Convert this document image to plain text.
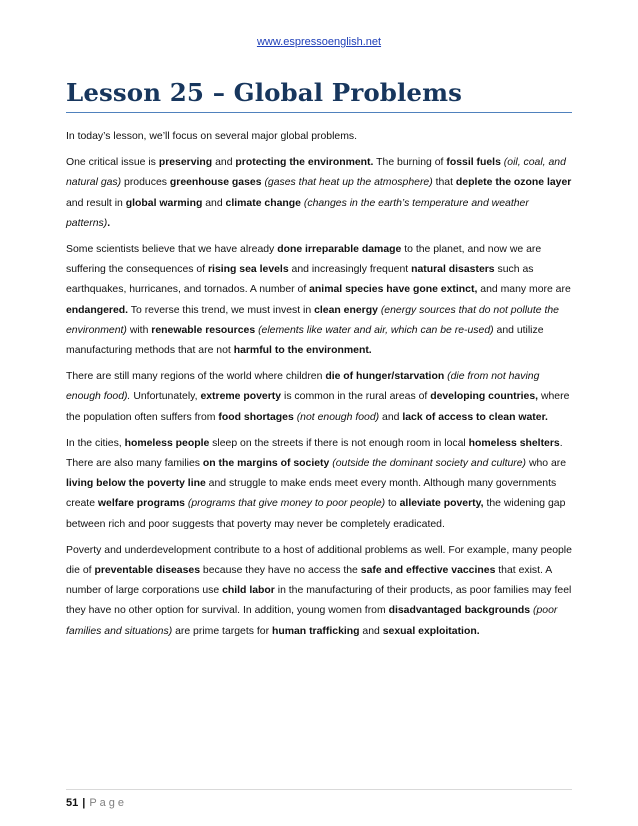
www.espressoenglish.net
Lesson 25 – Global Problems

In today’s lesson, we’ll focus on several major global problems.

One critical issue is preserving and protecting the environment. The burning of fossil fuels (oil, coal, and natural gas) produces greenhouse gases (gases that heat up the atmosphere) that deplete the ozone layer and result in global warming and climate change (changes in the earth’s temperature and weather patterns).

Some scientists believe that we have already done irreparable damage to the planet, and now we are suffering the consequences of rising sea levels and increasingly frequent natural disasters such as earthquakes, hurricanes, and tornados. A number of animal species have gone extinct, and many more are endangered. To reverse this trend, we must invest in clean energy (energy sources that do not pollute the environment) with renewable resources (elements like water and air, which can be re-used) and utilize manufacturing methods that are not harmful to the environment.

There are still many regions of the world where children die of hunger/starvation (die from not having enough food). Unfortunately, extreme poverty is common in the rural areas of developing countries, where the population often suffers from food shortages (not enough food) and lack of access to clean water.

In the cities, homeless people sleep on the streets if there is not enough room in local homeless shelters. There are also many families on the margins of society (outside the dominant society and culture) who are living below the poverty line and struggle to make ends meet every month. Although many governments create welfare programs (programs that give money to poor people) to alleviate poverty, the widening gap between rich and poor suggests that poverty may never be completely eradicated.

Poverty and underdevelopment contribute to a host of additional problems as well. For example, many people die of preventable diseases because they have no access the safe and effective vaccines that exist. A number of large corporations use child labor in the manufacturing of their products, as poor families may feel they have no other option for survival. In addition, young women from disadvantaged backgrounds (poor families and situations) are prime targets for human trafficking and sexual exploitation.

51 | Page
